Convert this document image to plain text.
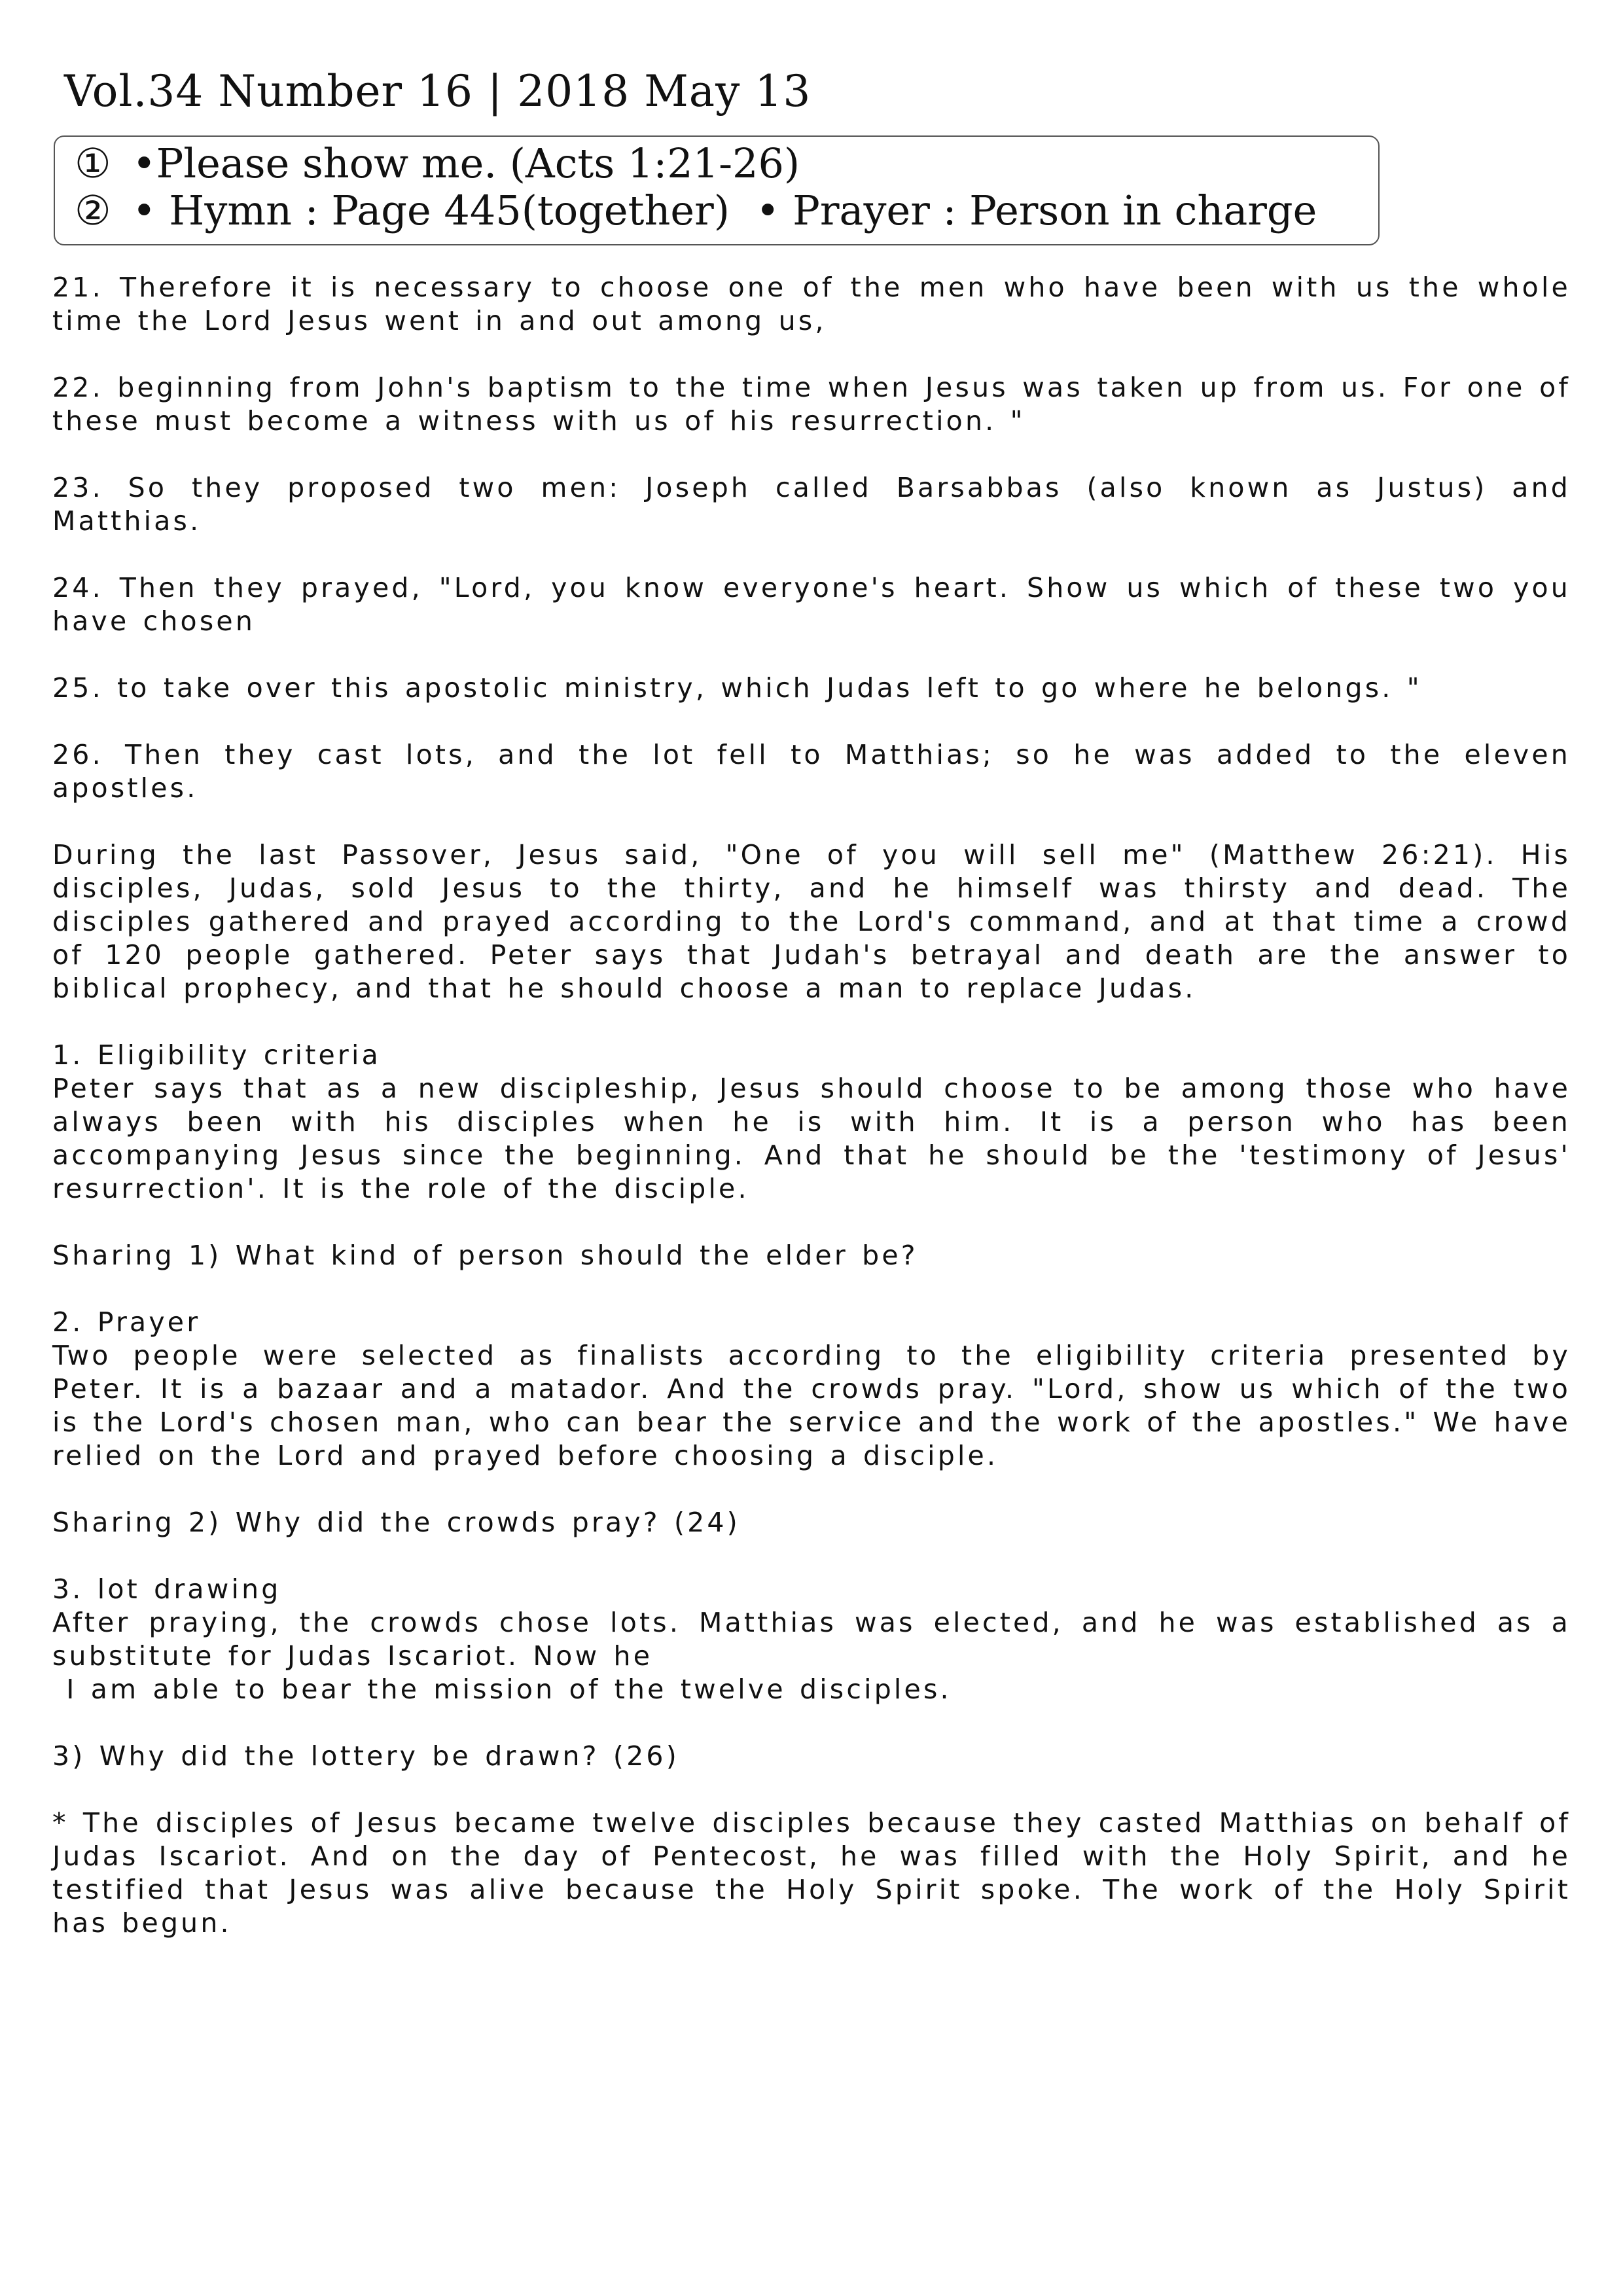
Vol.34 Number 16 | 2018 May 13
① •Please show me. (Acts 1:21-26)
② • Hymn : Page 445(together) • Prayer : Person in charge

21. Therefore it is necessary to choose one of the men who have been with us the whole time the Lord Jesus went in and out among us,

22. beginning from John's baptism to the time when Jesus was taken up from us. For one of these must become a witness with us of his resurrection. "

23. So they proposed two men: Joseph called Barsabbas (also known as Justus) and Matthias.

24. Then they prayed, "Lord, you know everyone's heart. Show us which of these two you have chosen

25. to take over this apostolic ministry, which Judas left to go where he belongs. "

26. Then they cast lots, and the lot fell to Matthias; so he was added to the eleven apostles.

During the last Passover, Jesus said, "One of you will sell me" (Matthew 26:21). His disciples, Judas, sold Jesus to the thirty, and he himself was thirsty and dead. The disciples gathered and prayed according to the Lord's command, and at that time a crowd of 120 people gathered. Peter says that Judah's betrayal and death are the answer to biblical prophecy, and that he should choose a man to replace Judas.

1. Eligibility criteria
Peter says that as a new discipleship, Jesus should choose to be among those who have always been with his disciples when he is with him. It is a person who has been accompanying Jesus since the beginning. And that he should be the 'testimony of Jesus' resurrection'. It is the role of the disciple.

Sharing 1) What kind of person should the elder be?

2. Prayer
Two people were selected as finalists according to the eligibility criteria presented by Peter. It is a bazaar and a matador. And the crowds pray. "Lord, show us which of the two is the Lord's chosen man, who can bear the service and the work of the apostles." We have relied on the Lord and prayed before choosing a disciple.

Sharing 2) Why did the crowds pray? (24)

3. lot drawing
After praying, the crowds chose lots. Matthias was elected, and he was established as a substitute for Judas Iscariot. Now he
I am able to bear the mission of the twelve disciples.

3) Why did the lottery be drawn? (26)

* The disciples of Jesus became twelve disciples because they casted Matthias on behalf of Judas Iscariot. And on the day of Pentecost, he was filled with the Holy Spirit, and he testified that Jesus was alive because the Holy Spirit spoke. The work of the Holy Spirit has begun.
